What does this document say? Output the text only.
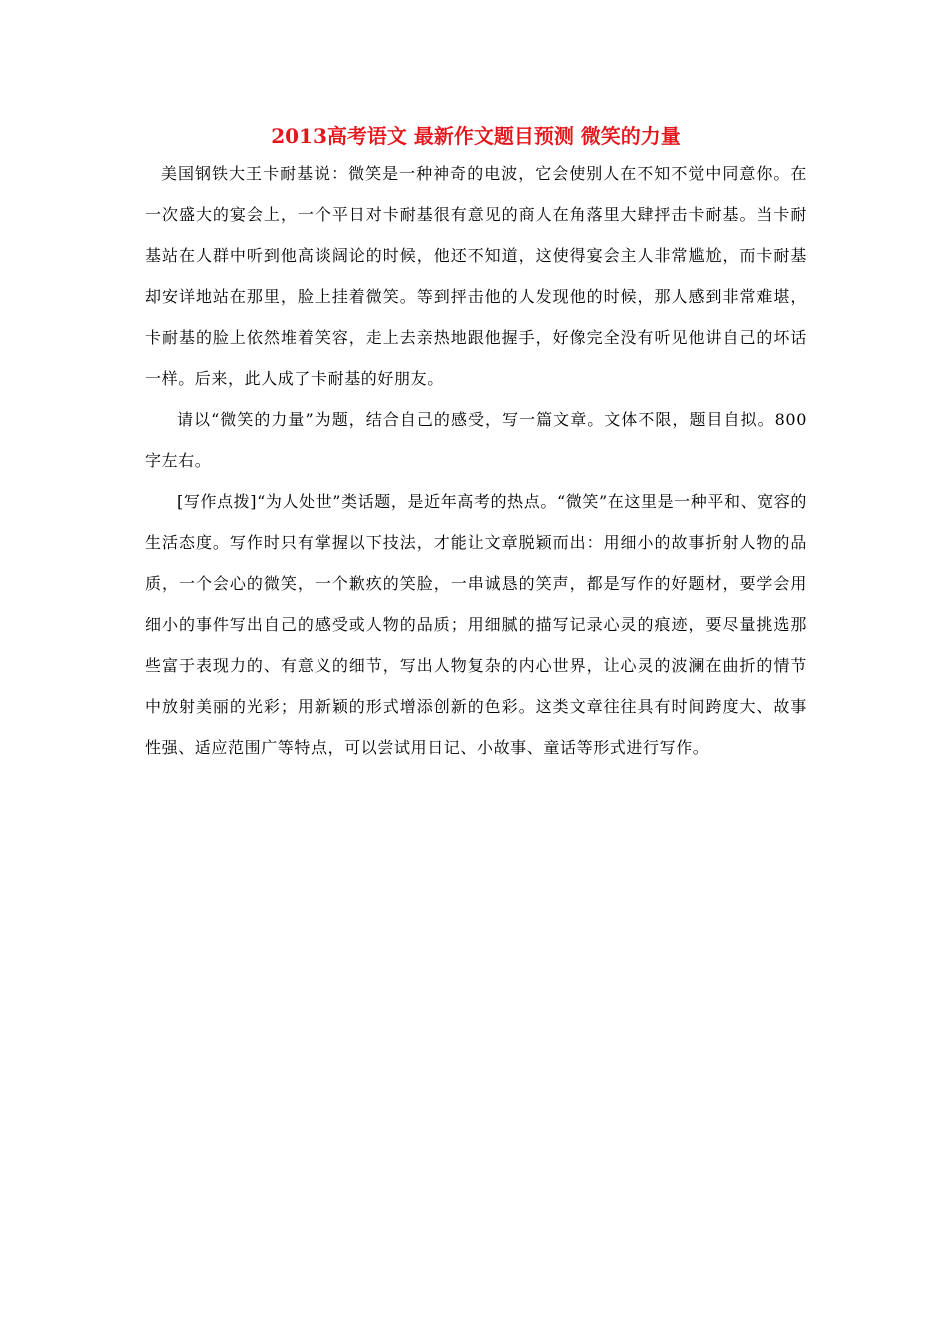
2013高考语文 最新作文题目预测 微笑的力量

美国钢铁大王卡耐基说：微笑是一种神奇的电波，它会使别人在不知不觉中同意你。在一次盛大的宴会上，一个平日对卡耐基很有意见的商人在角落里大肆抨击卡耐基。当卡耐基站在人群中听到他高谈阔论的时候，他还不知道，这使得宴会主人非常尴尬，而卡耐基却安详地站在那里，脸上挂着微笑。等到抨击他的人发现他的时候，那人感到非常难堪，卡耐基的脸上依然堆着笑容，走上去亲热地跟他握手，好像完全没有听见他讲自己的坏话一样。后来，此人成了卡耐基的好朋友。

请以“微笑的力量”为题，结合自己的感受，写一篇文章。文体不限，题目自拟。800字左右。

[写作点拨]“为人处世”类话题，是近年高考的热点。“微笑”在这里是一种平和、宽容的生活态度。写作时只有掌握以下技法，才能让文章脱颖而出：用细小的故事折射人物的品质，一个会心的微笑，一个歉疚的笑脸，一串诚恳的笑声，都是写作的好题材，要学会用细小的事件写出自己的感受或人物的品质；用细腻的描写记录心灵的痕迹，要尽量挑选那些富于表现力的、有意义的细节，写出人物复杂的内心世界，让心灵的波澜在曲折的情节中放射美丽的光彩；用新颖的形式增添创新的色彩。这类文章往往具有时间跨度大、故事性强、适应范围广等特点，可以尝试用日记、小故事、童话等形式进行写作。
